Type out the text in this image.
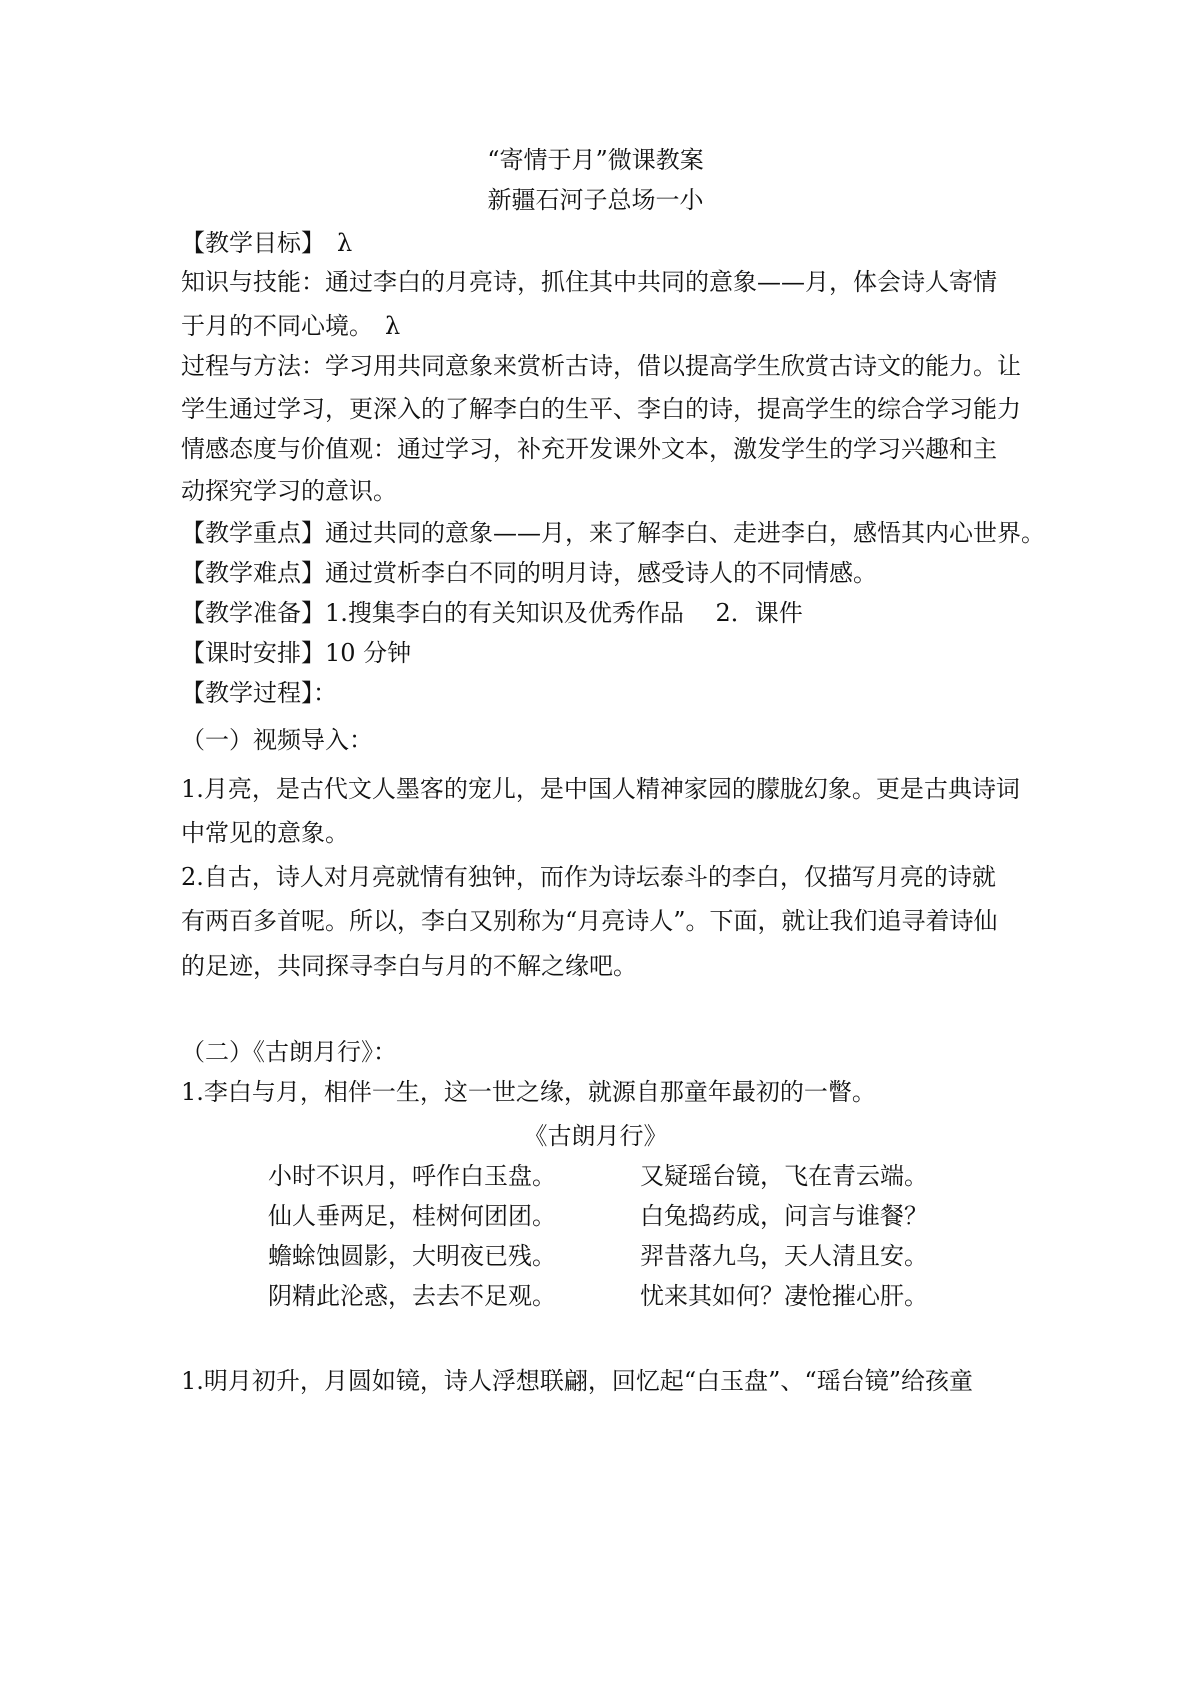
“寄情于月”微课教案
新疆石河子总场一小
【教学目标】　λ
知识与技能：通过李白的月亮诗，抓住其中共同的意象——月，体会诗人寄情
于月的不同心境。　λ
过程与方法：学习用共同意象来赏析古诗，借以提高学生欣赏古诗文的能力。让
学生通过学习，更深入的了解李白的生平、李白的诗，提高学生的综合学习能力
情感态度与价值观：通过学习，补充开发课外文本，激发学生的学习兴趣和主
动探究学习的意识。
【教学重点】通过共同的意象——月，来了解李白、走进李白，感悟其内心世界。
【教学难点】通过赏析李白不同的明月诗，感受诗人的不同情感。
【教学准备】1.搜集李白的有关知识及优秀作品　 2．课件
【课时安排】10 分钟
【教学过程】：
（一）视频导入：
1.月亮，是古代文人墨客的宠儿，是中国人精神家园的朦胧幻象。更是古典诗词
中常见的意象。
2.自古，诗人对月亮就情有独钟，而作为诗坛泰斗的李白，仅描写月亮的诗就
有两百多首呢。所以，李白又别称为“月亮诗人”。下面，就让我们追寻着诗仙
的足迹，共同探寻李白与月的不解之缘吧。
（二）《古朗月行》：
1.李白与月，相伴一生，这一世之缘，就源自那童年最初的一瞥。
《古朗月行》
小时不识月，呼作白玉盘。	又疑瑶台镜，飞在青云端。
仙人垂两足，桂树何团团。	白兔捣药成，问言与谁餐？
蟾蜍蚀圆影，大明夜已残。	羿昔落九乌，天人清且安。
阴精此沦惑，去去不足观。	忧来其如何？凄怆摧心肝。
1.明月初升，月圆如镜，诗人浮想联翩，回忆起“白玉盘”、“瑶台镜”给孩童
